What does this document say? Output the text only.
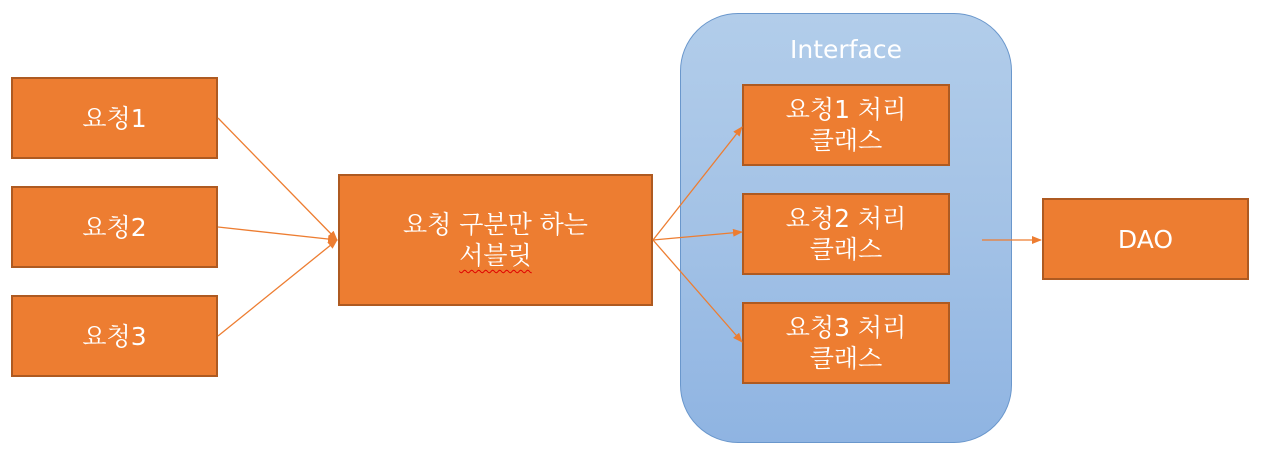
요청1
요청2
요청3
요청 구분만 하는
서블릿
Interface
요청1 처리
클래스
요청2 처리
클래스
요청3 처리
클래스
DAO
